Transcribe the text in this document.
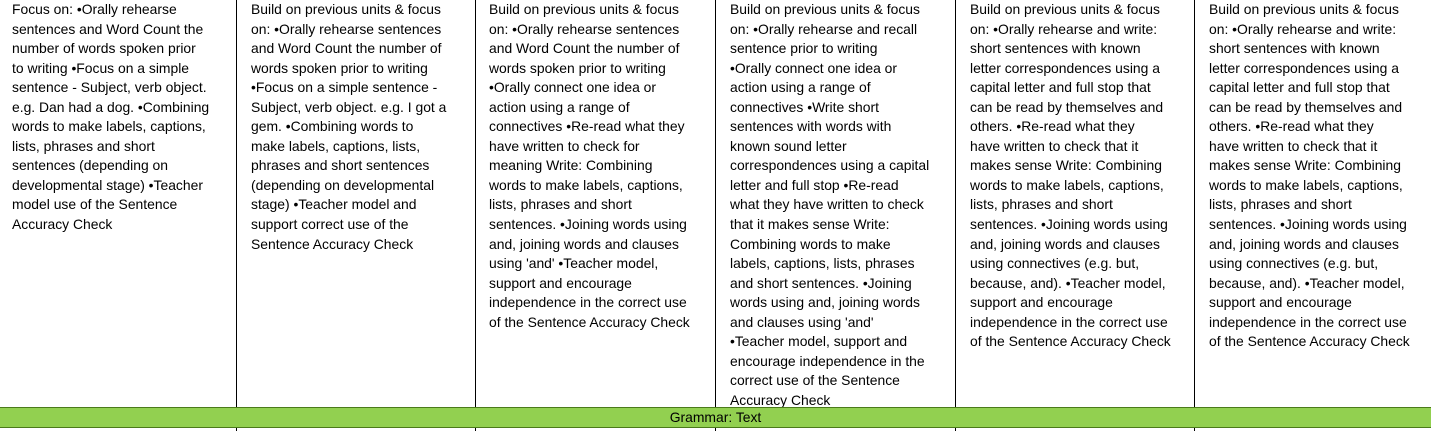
Focus on: •Orally rehearse
sentences and Word Count the
number of words spoken prior
to writing •Focus on a simple
sentence - Subject, verb object.
e.g. Dan had a dog. •Combining
words to make labels, captions,
lists, phrases and short
sentences (depending on
developmental stage) •Teacher
model use of the Sentence
Accuracy Check
Build on previous units & focus
on: •Orally rehearse sentences
and Word Count the number of
words spoken prior to writing
•Focus on a simple sentence -
Subject, verb object. e.g. I got a
gem. •Combining words to
make labels, captions, lists,
phrases and short sentences
(depending on developmental
stage) •Teacher model and
support correct use of the
Sentence Accuracy Check
Build on previous units & focus
on: •Orally rehearse sentences
and Word Count the number of
words spoken prior to writing
•Orally connect one idea or
action using a range of
connectives •Re-read what they
have written to check for
meaning Write: Combining
words to make labels, captions,
lists, phrases and short
sentences. •Joining words using
and, joining words and clauses
using 'and' •Teacher model,
support and encourage
independence in the correct use
of the Sentence Accuracy Check
Build on previous units & focus
on: •Orally rehearse and recall
sentence prior to writing
•Orally connect one idea or
action using a range of
connectives •Write short
sentences with words with
known sound letter
correspondences using a capital
letter and full stop •Re-read
what they have written to check
that it makes sense Write:
Combining words to make
labels, captions, lists, phrases
and short sentences. •Joining
words using and, joining words
and clauses using 'and'
•Teacher model, support and
encourage independence in the
correct use of the Sentence
Accuracy Check
Build on previous units & focus
on: •Orally rehearse and write:
short sentences with known
letter correspondences using a
capital letter and full stop that
can be read by themselves and
others. •Re-read what they
have written to check that it
makes sense Write: Combining
words to make labels, captions,
lists, phrases and short
sentences. •Joining words using
and, joining words and clauses
using connectives (e.g. but,
because, and). •Teacher model,
support and encourage
independence in the correct use
of the Sentence Accuracy Check
Build on previous units & focus
on: •Orally rehearse and write:
short sentences with known
letter correspondences using a
capital letter and full stop that
can be read by themselves and
others. •Re-read what they
have written to check that it
makes sense Write: Combining
words to make labels, captions,
lists, phrases and short
sentences. •Joining words using
and, joining words and clauses
using connectives (e.g. but,
because, and). •Teacher model,
support and encourage
independence in the correct use
of the Sentence Accuracy Check
Grammar: Text
